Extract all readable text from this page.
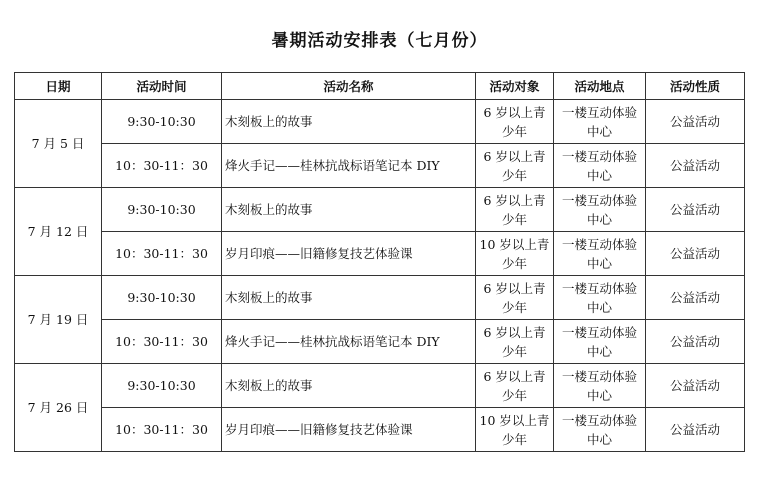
暑期活动安排表（七月份）
日期	活动时间	活动名称	活动对象	活动地点	活动性质
7 月 5 日	9:30-10:30	木刻板上的故事	6 岁以上青少年	一楼互动体验中心	公益活动
	10：30-11：30	烽火手记——桂林抗战标语笔记本 DIY	6 岁以上青少年	一楼互动体验中心	公益活动
7 月 12 日	9:30-10:30	木刻板上的故事	6 岁以上青少年	一楼互动体验中心	公益活动
	10：30-11：30	岁月印痕——旧籍修复技艺体验课	10 岁以上青少年	一楼互动体验中心	公益活动
7 月 19 日	9:30-10:30	木刻板上的故事	6 岁以上青少年	一楼互动体验中心	公益活动
	10：30-11：30	烽火手记——桂林抗战标语笔记本 DIY	6 岁以上青少年	一楼互动体验中心	公益活动
7 月 26 日	9:30-10:30	木刻板上的故事	6 岁以上青少年	一楼互动体验中心	公益活动
	10：30-11：30	岁月印痕——旧籍修复技艺体验课	10 岁以上青少年	一楼互动体验中心	公益活动
